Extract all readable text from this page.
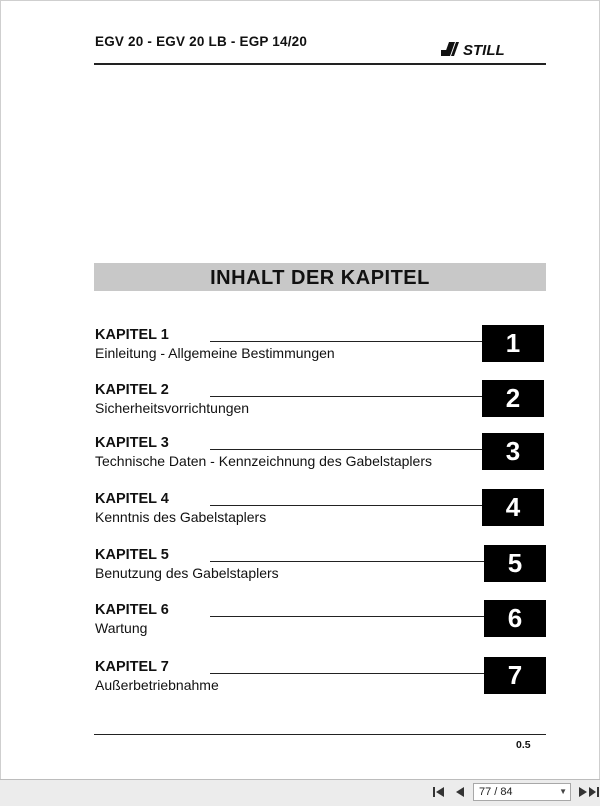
EGV 20 - EGV 20 LB - EGP 14/20
STILL
INHALT DER KAPITEL
KAPITEL 1
Einleitung - Allgemeine Bestimmungen	1
KAPITEL 2
Sicherheitsvorrichtungen	2
KAPITEL 3
Technische Daten - Kennzeichnung des Gabelstaplers	3
KAPITEL 4
Kenntnis des Gabelstaplers	4
KAPITEL 5
Benutzung des Gabelstaplers	5
KAPITEL 6
Wartung	6
KAPITEL 7
Außerbetriebnahme	7
0.5
77 / 84	▼
